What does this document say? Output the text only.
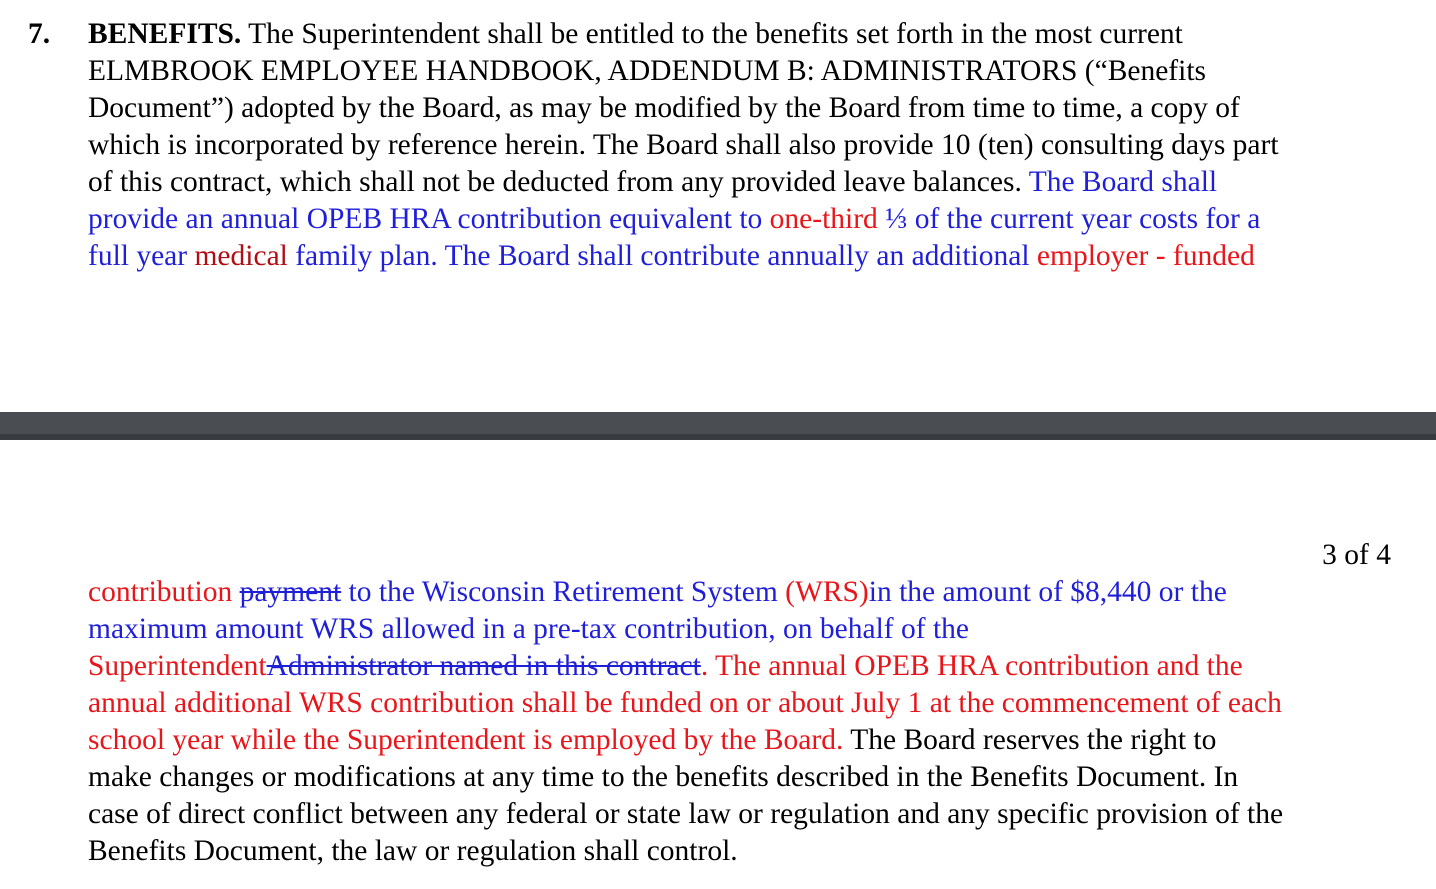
7. BENEFITS. The Superintendent shall be entitled to the benefits set forth in the most current
ELMBROOK EMPLOYEE HANDBOOK, ADDENDUM B: ADMINISTRATORS (“Benefits
Document”) adopted by the Board, as may be modified by the Board from time to time, a copy of
which is incorporated by reference herein. The Board shall also provide 10 (ten) consulting days part
of this contract, which shall not be deducted from any provided leave balances. The Board shall
provide an annual OPEB HRA contribution equivalent to one-third ⅓ of the current year costs for a
full year medical family plan. The Board shall contribute annually an additional employer - funded
3 of 4
contribution payment to the Wisconsin Retirement System (WRS)in the amount of $8,440 or the
maximum amount WRS allowed in a pre-tax contribution, on behalf of the
SuperintendentAdministrator named in this contract. The annual OPEB HRA contribution and the
annual additional WRS contribution shall be funded on or about July 1 at the commencement of each
school year while the Superintendent is employed by the Board. The Board reserves the right to
make changes or modifications at any time to the benefits described in the Benefits Document. In
case of direct conflict between any federal or state law or regulation and any specific provision of the
Benefits Document, the law or regulation shall control.
